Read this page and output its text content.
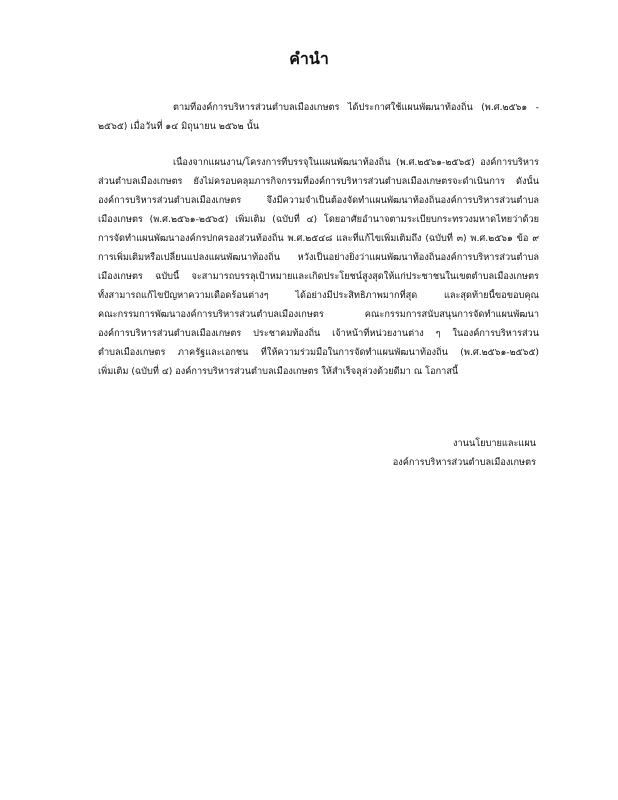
คำนำ
ตามที่องค์การบริหารส่วนตำบลเมืองเกษตร ได้ประกาศใช้แผนพัฒนาท้องถิ่น (พ.ศ.๒๕๖๑ -
๒๕๖๕) เมื่อวันที่ ๑๔ มิถุนายน ๒๕๖๒ นั้น
เนื่องจากแผนงาน/โครงการที่บรรจุในแผนพัฒนาท้องถิ่น (พ.ศ.๒๕๖๑-๒๕๖๕) องค์การบริหาร
ส่วนตำบลเมืองเกษตร ยังไม่ครอบคลุมภารกิจกรรมที่องค์การบริหารส่วนตำบลเมืองเกษตรจะดำเนินการ ดังนั้น
องค์การบริหารส่วนตำบลเมืองเกษตร จึงมีความจำเป็นต้องจัดทำแผนพัฒนาท้องถิ่นองค์การบริหารส่วนตำบล
เมืองเกษตร (พ.ศ.๒๕๖๑-๒๕๖๕) เพิ่มเติม (ฉบับที่ ๔) โดยอาศัยอำนาจตามระเบียบกระทรวงมหาดไทยว่าด้วย
การจัดทำแผนพัฒนาองค์กรปกครองส่วนท้องถิ่น พ.ศ.๒๕๔๘ และที่แก้ไขเพิ่มเติมถึง (ฉบับที่ ๓) พ.ศ.๒๕๖๑ ข้อ ๙
การเพิ่มเติมหรือเปลี่ยนแปลงแผนพัฒนาท้องถิ่น หวังเป็นอย่างยิ่งว่าแผนพัฒนาท้องถิ่นองค์การบริหารส่วนตำบล
เมืองเกษตร ฉบับนี้ จะสามารถบรรลุเป้าหมายและเกิดประโยชน์สูงสุดให้แก่ประชาชนในเขตตำบลเมืองเกษตร
ทั้งสามารถแก้ไขปัญหาความเดือดร้อนต่างๆ ได้อย่างมีประสิทธิภาพมากที่สุด และสุดท้ายนี้ขอขอบคุณ
คณะกรรมการพัฒนาองค์การบริหารส่วนตำบลเมืองเกษตร คณะกรรมการสนับสนุนการจัดทำแผนพัฒนา
องค์การบริหารส่วนตำบลเมืองเกษตร ประชาคมท้องถิ่น เจ้าหน้าที่หน่วยงานต่าง ๆ ในองค์การบริหารส่วน
ตำบลเมืองเกษตร ภาครัฐและเอกชน ที่ให้ความร่วมมือในการจัดทำแผนพัฒนาท้องถิ่น (พ.ศ.๒๕๖๑-๒๕๖๕)
เพิ่มเติม (ฉบับที่ ๔) องค์การบริหารส่วนตำบลเมืองเกษตร ให้สำเร็จลุล่วงด้วยดีมา ณ โอกาสนี้
งานนโยบายและแผน
องค์การบริหารส่วนตำบลเมืองเกษตร
